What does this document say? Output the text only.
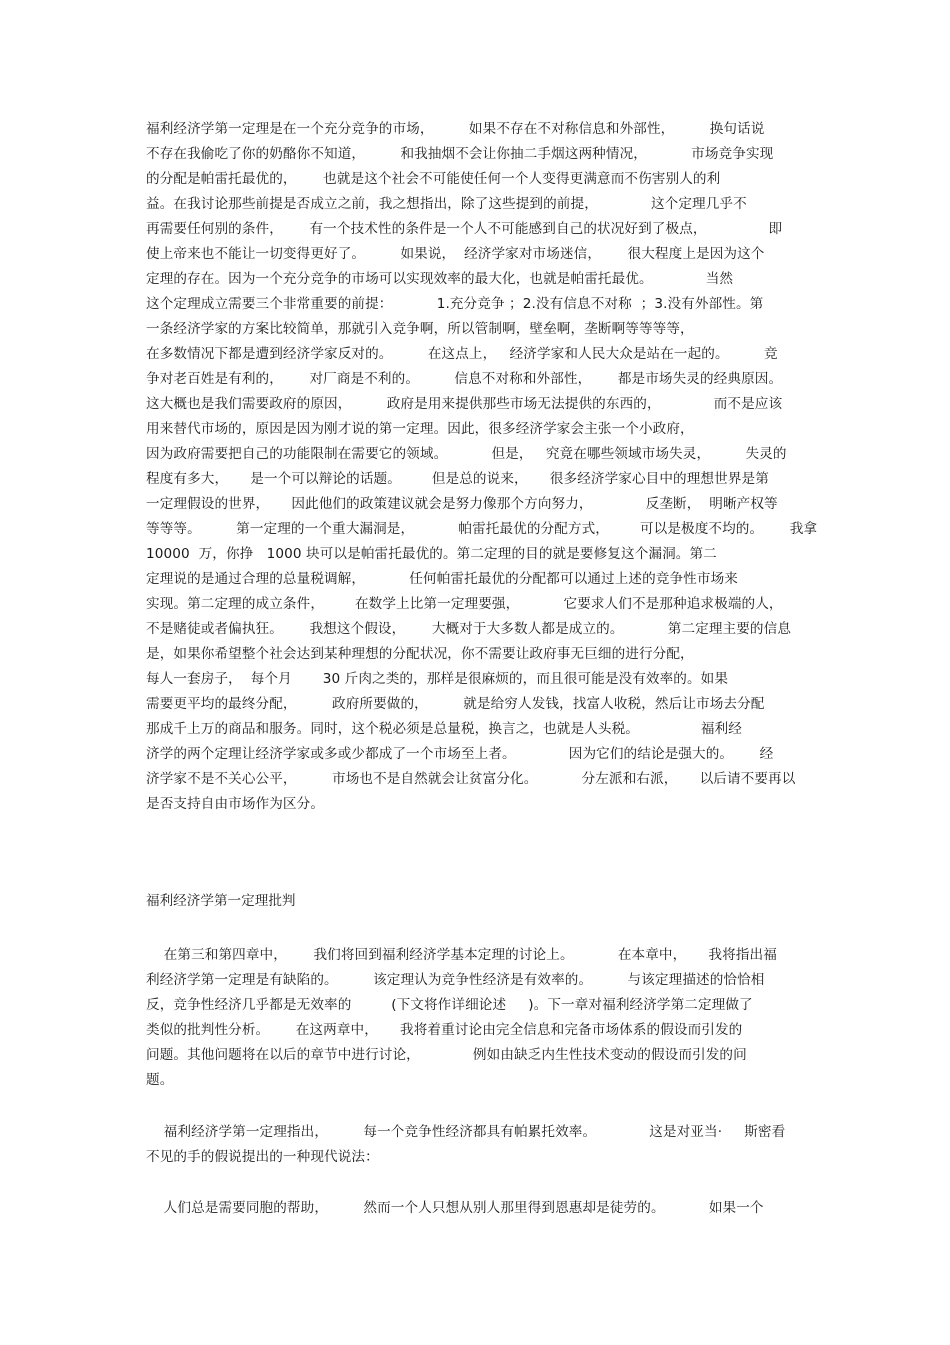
福利经济学第一定理是在一个充分竞争的市场，        如果不存在不对称信息和外部性，        换句话说
不存在我偷吃了你的奶酪你不知道，        和我抽烟不会让你抽二手烟这两种情况，          市场竞争实现
的分配是帕雷托最优的，      也就是这个社会不可能使任何一个人变得更满意而不伤害别人的利
益。在我讨论那些前提是否成立之前，我之想指出，除了这些提到的前提，            这个定理几乎不
再需要任何别的条件，      有一个技术性的条件是一个人不可能感到自己的状况好到了极点，              即
使上帝来也不能让一切变得更好了。        如果说，  经济学家对市场迷信，      很大程度上是因为这个
定理的存在。因为一个充分竞争的市场可以实现效率的最大化，也就是帕雷托最优。            当然
这个定理成立需要三个非常重要的前提：          1.充分竞争 ；2.没有信息不对称  ；3.没有外部性。第
一条经济学家的方案比较简单，那就引入竞争啊，所以管制啊，壁垒啊，垄断啊等等等等，
在多数情况下都是遭到经济学家反对的。        在这点上，   经济学家和人民大众是站在一起的。        竞
争对老百姓是有利的，      对厂商是不利的。        信息不对称和外部性，      都是市场失灵的经典原因。
这大概也是我们需要政府的原因，        政府是用来提供那些市场无法提供的东西的，            而不是应该
用来替代市场的，原因是因为刚才说的第一定理。因此，很多经济学家会主张一个小政府，
因为政府需要把自己的功能限制在需要它的领域。          但是，   究竟在哪些领域市场失灵，        失灵的
程度有多大，     是一个可以辩论的话题。       但是总的说来，     很多经济学家心目中的理想世界是第
一定理假设的世界，     因此他们的政策建议就会是努力像那个方向努力，            反垄断，  明晰产权等
等等等。        第一定理的一个重大漏洞是，          帕雷托最优的分配方式，       可以是极度不均的。      我拿
10000  万，你挣   1000 块可以是帕雷托最优的。第二定理的目的就是要修复这个漏洞。第二
定理说的是通过合理的总量税调解，          任何帕雷托最优的分配都可以通过上述的竞争性市场来
实现。第二定理的成立条件，       在数学上比第一定理要强，          它要求人们不是那种追求极端的人，
不是赌徒或者偏执狂。      我想这个假设，      大概对于大多数人都是成立的。          第二定理主要的信息
是，如果你希望整个社会达到某种理想的分配状况，你不需要让政府事无巨细的进行分配，
每人一套房子，  每个月       30 斤肉之类的，那样是很麻烦的，而且很可能是没有效率的。如果
需要更平均的最终分配，        政府所要做的，        就是给穷人发钱，找富人收税，然后让市场去分配
那成千上万的商品和服务。同时，这个税必须是总量税，换言之，也就是人头税。              福利经
济学的两个定理让经济学家或多或少都成了一个市场至上者。            因为它们的结论是强大的。      经
济学家不是不关心公平，        市场也不是自然就会让贫富分化。          分左派和右派，     以后请不要再以
是否支持自由市场作为区分。
福利经济学第一定理批判
在第三和第四章中，      我们将回到福利经济学基本定理的讨论上。          在本章中，     我将指出福
利经济学第一定理是有缺陷的。        该定理认为竞争性经济是有效率的。        与该定理描述的恰恰相
反，竞争性经济几乎都是无效率的         (下文将作详细论述     )。下一章对福利经济学第二定理做了
类似的批判性分析。      在这两章中，     我将着重讨论由完全信息和完备市场体系的假设而引发的
问题。其他问题将在以后的章节中进行讨论，            例如由缺乏内生性技术变动的假设而引发的问
题。
福利经济学第一定理指出，        每一个竞争性经济都具有帕累托效率。            这是对亚当·     斯密看
不见的手的假说提出的一种现代说法：
人们总是需要同胞的帮助，        然而一个人只想从别人那里得到恩惠却是徒劳的。          如果一个
